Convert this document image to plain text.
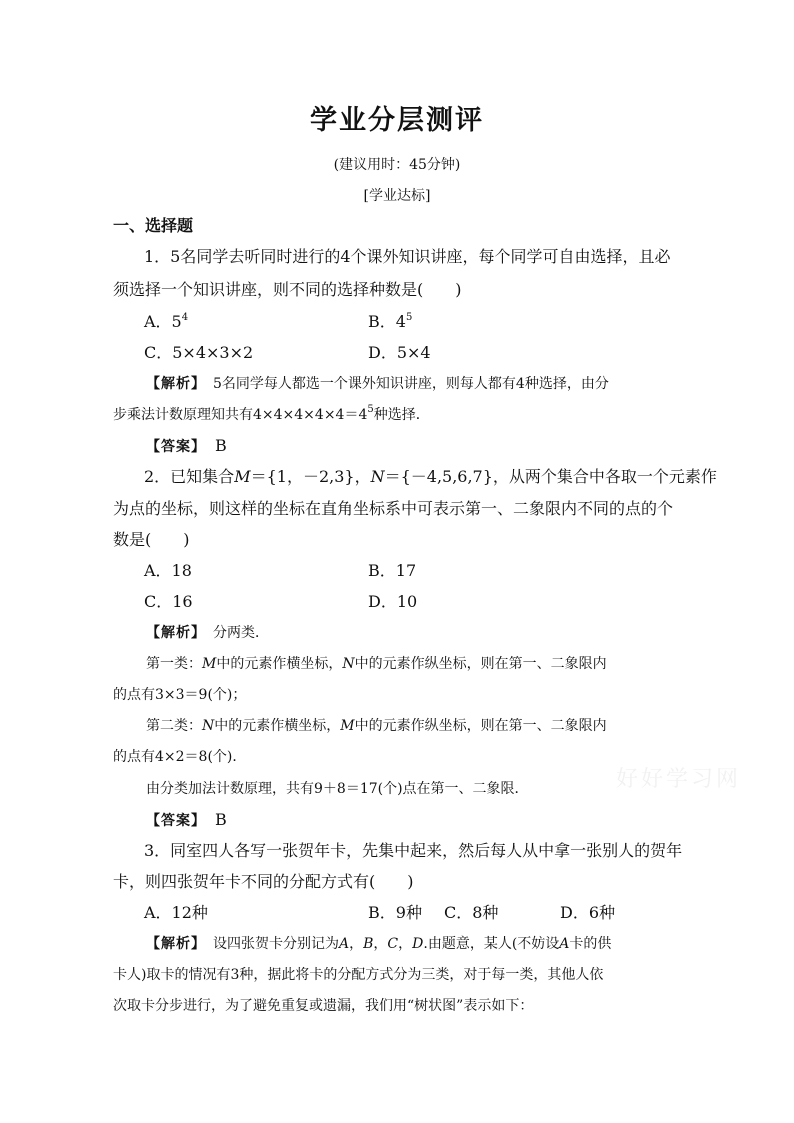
学业分层测评
(建议用时：45分钟)
[学业达标]
一、选择题
1．5名同学去听同时进行的4个课外知识讲座，每个同学可自由选择，且必
须选择一个知识讲座，则不同的选择种数是(　　)
A．$5^4$	B．$4^5$
C．5×4×3×2	D．5×4
【解析】　 5名同学每人都选一个课外知识讲座，则每人都有4种选择，由分
步乘法计数原理知共有$4\times 4\times 4\times 4\times 4=4^5$种选择．
【答案】　 B
2．已知集合M＝{1，－2,3}，N＝{－4,5,6,7}，从两个集合中各取一个元素作
为点的坐标，则这样的坐标在直角坐标系中可表示第一、二象限内不同的点的个
数是(　　)
A．18	B．17
C．16	D．10
【解析】　 分两类．
第一类：M中的元素作横坐标，N中的元素作纵坐标，则在第一、二象限内
的点有3×3＝9(个)；
第二类：N中的元素作横坐标，M中的元素作纵坐标，则在第一、二象限内
的点有4×2＝8(个)．
由分类加法计数原理，共有9＋8＝17(个)点在第一、二象限．
【答案】　 B
3．同室四人各写一张贺年卡，先集中起来，然后每人从中拿一张别人的贺年
卡，则四张贺年卡不同的分配方式有(　　)
A．12种	B．9种 C．8种	D．6种
【解析】　 设四张贺卡分别记为A，B，C，D.由题意，某人(不妨设A卡的供
卡人)取卡的情况有3种，据此将卡的分配方式分为三类，对于每一类，其他人依
次取卡分步进行，为了避免重复或遗漏，我们用“树状图”表示如下：
好好学习网
